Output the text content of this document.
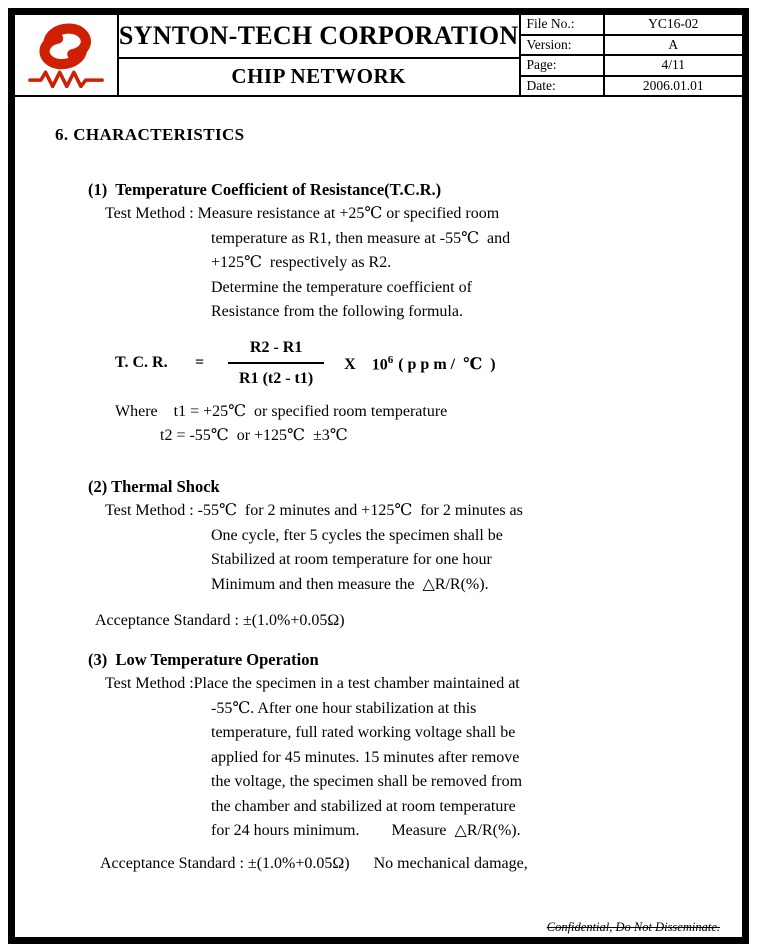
SYNTON-TECH CORPORATION
CHIP NETWORK
File No.:	YC16-02
Version:	A
Page:	4/11
Date:	2006.01.01
6. CHARACTERISTICS
(1)  Temperature Coefficient of Resistance(T.C.R.)
Test Method : Measure resistance at +25℃ or specified room
temperature as R1, then measure at -55℃  and
+125℃  respectively as R2.
Determine the temperature coefficient of
Resistance from the following formula.
T. C. R.	= $\frac{R2 - R1}{R1 (t2 - t1)}$ X $10^6$ ( p p m /  ℃  )
Where    t1 = +25℃  or specified room temperature
t2 = -55℃  or +125℃  ±3℃
(2) Thermal Shock
Test Method : -55℃  for 2 minutes and +125℃  for 2 minutes as
One cycle, fter 5 cycles the specimen shall be
Stabilized at room temperature for one hour
Minimum and then measure the  △R/R(%).
Acceptance Standard : ±(1.0%+0.05Ω)
(3)  Low Temperature Operation
Test Method :Place the specimen in a test chamber maintained at
-55℃. After one hour stabilization at this
temperature, full rated working voltage shall be
applied for 45 minutes. 15 minutes after remove
the voltage, the specimen shall be removed from
the chamber and stabilized at room temperature
for 24 hours minimum.        Measure  △R/R(%).
Acceptance Standard : ±(1.0%+0.05Ω)      No mechanical damage,
Confidential, Do Not Disseminate.
